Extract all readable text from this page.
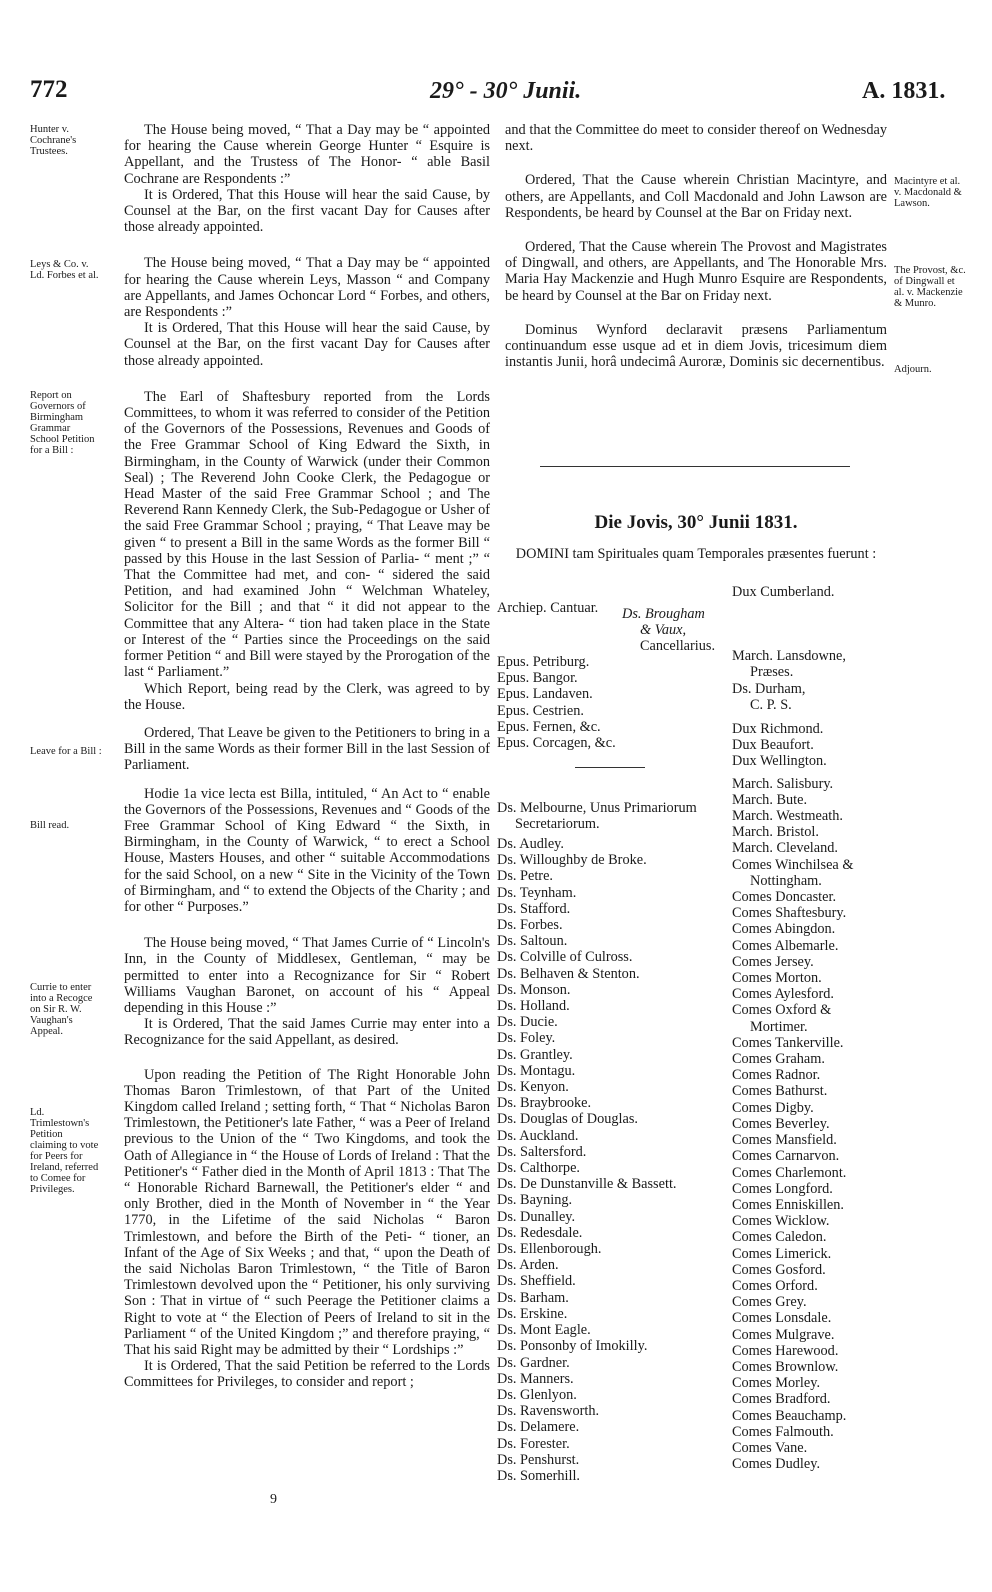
772	29° - 30° Junii.	A. 1831.
Hunter v. Cochrane's Trustees.
Leys & Co. v. Ld. Forbes et al.
Report on Governors of Birmingham Grammar School Petition for a Bill :
Leave for a Bill :
Bill read.
Currie to enter into a Recogce on Sir R. W. Vaughan's Appeal.
Ld. Trimlestown's Petition claiming to vote for Peers for Ireland, referred to Comee for Privileges.
Macintyre et al. v. Macdonald & Lawson.
The Provost, &c. of Dingwall et al. v. Mackenzie & Munro.
Adjourn.

The House being moved, “ That a Day may be “ appointed for hearing the Cause wherein George Hunter “ Esquire is Appellant, and the Trustess of The Honor- “ able Basil Cochrane are Respondents :”

It is Ordered, That this House will hear the said Cause, by Counsel at the Bar, on the first vacant Day for Causes after those already appointed.

The House being moved, “ That a Day may be “ appointed for hearing the Cause wherein Leys, Masson “ and Company are Appellants, and James Ochoncar Lord “ Forbes, and others, are Respondents :”

It is Ordered, That this House will hear the said Cause, by Counsel at the Bar, on the first vacant Day for Causes after those already appointed.

The Earl of Shaftesbury reported from the Lords Committees, to whom it was referred to consider of the Petition of the Governors of the Possessions, Revenues and Goods of the Free Grammar School of King Edward the Sixth, in Birmingham, in the County of Warwick (under their Common Seal) ; The Reverend John Cooke Clerk, the Pedagogue or Head Master of the said Free Grammar School ; and The Reverend Rann Kennedy Clerk, the Sub-Pedagogue or Usher of the said Free Grammar School ; praying, “ That Leave may be given “ to present a Bill in the same Words as the former Bill “ passed by this House in the last Session of Parlia- “ ment ;” “ That the Committee had met, and con- “ sidered the said Petition, and had examined John “ Welchman Whateley, Solicitor for the Bill ; and that “ it did not appear to the Committee that any Altera- “ tion had taken place in the State or Interest of the “ Parties since the Proceedings on the said former Petition “ and Bill were stayed by the Prorogation of the last “ Parliament.”

Which Report, being read by the Clerk, was agreed to by the House.

Ordered, That Leave be given to the Petitioners to bring in a Bill in the same Words as their former Bill in the last Session of Parliament.

Hodie 1a vice lecta est Billa, intituled, “ An Act to “ enable the Governors of the Possessions, Revenues and “ Goods of the Free Grammar School of King Edward “ the Sixth, in Birmingham, in the County of Warwick, “ to erect a School House, Masters Houses, and other “ suitable Accommodations for the said School, on a new “ Site in the Vicinity of the Town of Birmingham, and “ to extend the Objects of the Charity ; and for other “ Purposes.”

The House being moved, “ That James Currie of “ Lincoln's Inn, in the County of Middlesex, Gentleman, “ may be permitted to enter into a Recognizance for Sir “ Robert Williams Vaughan Baronet, on account of his “ Appeal depending in this House :”

It is Ordered, That the said James Currie may enter into a Recognizance for the said Appellant, as desired.

Upon reading the Petition of The Right Honorable John Thomas Baron Trimlestown, of that Part of the United Kingdom called Ireland ; setting forth, “ That “ Nicholas Baron Trimlestown, the Petitioner's late Father, “ was a Peer of Ireland previous to the Union of the “ Two Kingdoms, and took the Oath of Allegiance in “ the House of Lords of Ireland : That the Petitioner's “ Father died in the Month of April 1813 : That The “ Honorable Richard Barnewall, the Petitioner's elder “ and only Brother, died in the Month of November in “ the Year 1770, in the Lifetime of the said Nicholas “ Baron Trimlestown, and before the Birth of the Peti- “ tioner, an Infant of the Age of Six Weeks ; and that, “ upon the Death of the said Nicholas Baron Trimlestown, “ the Title of Baron Trimlestown devolved upon the “ Petitioner, his only surviving Son : That in virtue of “ such Peerage the Petitioner claims a Right to vote at “ the Election of Peers of Ireland to sit in the Parliament “ of the United Kingdom ;” and therefore praying, “ That his said Right may be admitted by their “ Lordships :”

It is Ordered, That the said Petition be referred to the Lords Committees for Privileges, to consider and report ;

9

and that the Committee do meet to consider thereof on Wednesday next.

Ordered, That the Cause wherein Christian Macintyre, and others, are Appellants, and Coll Macdonald and John Lawson are Respondents, be heard by Counsel at the Bar on Friday next.

Ordered, That the Cause wherein The Provost and Magistrates of Dingwall, and others, are Appellants, and The Honorable Mrs. Maria Hay Mackenzie and Hugh Munro Esquire are Respondents, be heard by Counsel at the Bar on Friday next.

Dominus Wynford declaravit præsens Parliamentum continuandum esse usque ad et in diem Jovis, tricesimum diem instantis Junii, horâ undecimâ Auroræ, Dominis sic decernentibus.

Die Jovis, 30° Junii 1831.

DOMINI tam Spirituales quam Temporales præsentes fuerunt :

Archiep. Cantuar. Ds. Brougham
& Vaux,
Cancellarius.
Epus. Petriburg.
Epus. Bangor.
Epus. Landaven.
Epus. Cestrien.
Epus. Fernen, &c.
Epus. Corcagen, &c.
Ds. Melbourne, Unus Primariorum
Secretariorum.
Ds. Audley.
Ds. Willoughby de Broke.
Ds. Petre.
Ds. Teynham.
Ds. Stafford.
Ds. Forbes.
Ds. Saltoun.
Ds. Colville of Culross.
Ds. Belhaven & Stenton.
Ds. Monson.
Ds. Holland.
Ds. Ducie.
Ds. Foley.
Ds. Grantley.
Ds. Montagu.
Ds. Kenyon.
Ds. Braybrooke.
Ds. Douglas of Douglas.
Ds. Auckland.
Ds. Saltersford.
Ds. Calthorpe.
Ds. De Dunstanville & Bassett.
Ds. Bayning.
Ds. Dunalley.
Ds. Redesdale.
Ds. Ellenborough.
Ds. Arden.
Ds. Sheffield.
Ds. Barham.
Ds. Erskine.
Ds. Mont Eagle.
Ds. Ponsonby of Imokilly.
Ds. Gardner.
Ds. Manners.
Ds. Glenlyon.
Ds. Ravensworth.
Ds. Delamere.
Ds. Forester.
Ds. Penshurst.
Ds. Somerhill.
Dux Cumberland.
March. Lansdowne,
Præses.
Ds. Durham,
C. P. S.
Dux Richmond.
Dux Beaufort.
Dux Wellington.
March. Salisbury.
March. Bute.
March. Westmeath.
March. Bristol.
March. Cleveland.
Comes Winchilsea &
Nottingham.
Comes Doncaster.
Comes Shaftesbury.
Comes Abingdon.
Comes Albemarle.
Comes Jersey.
Comes Morton.
Comes Aylesford.
Comes Oxford &
Mortimer.
Comes Tankerville.
Comes Graham.
Comes Radnor.
Comes Bathurst.
Comes Digby.
Comes Beverley.
Comes Mansfield.
Comes Carnarvon.
Comes Charlemont.
Comes Longford.
Comes Enniskillen.
Comes Wicklow.
Comes Caledon.
Comes Limerick.
Comes Gosford.
Comes Orford.
Comes Grey.
Comes Lonsdale.
Comes Mulgrave.
Comes Harewood.
Comes Brownlow.
Comes Morley.
Comes Bradford.
Comes Beauchamp.
Comes Falmouth.
Comes Vane.
Comes Dudley.
